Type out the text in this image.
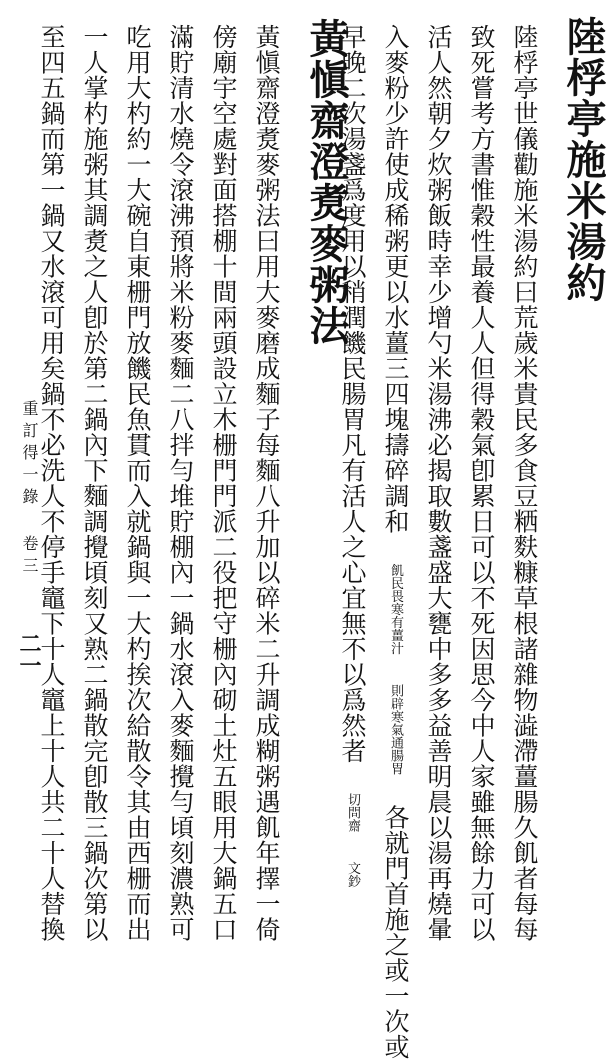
陸桴亭施米湯約
陸桴亭世儀勸施米湯約曰荒歲米貴民多食豆粞麩糠草根諸雜物澁滯薑腸久飢者每每
致死嘗考方書惟穀性最養人人但得穀氣卽累日可以不死因思今中人家雖無餘力可以
活人然朝夕炊粥飯時幸少增勺米湯沸必揭取數盞盛大甕中多多益善明晨以湯再燒暈
入麥粉少許使成稀粥更以水薑三四塊擣碎調和 飢民畏寒有薑汁 則辟寒氣通腸胃 各就門首施之或一次或
早晚二次湯盞爲度用以稍潤饑民腸胃凡有活人之心宜無不以爲然者 切問齋 文鈔
黃愼齋澄煑麥粥法
黃愼齋澄煑麥粥法曰用大麥磨成麵子每麵八升加以碎米二升調成糊粥遇飢年擇一倚
傍廟宇空處對面搭棚十間兩頭設立木栅門門派二役把守栅內砌土灶五眼用大鍋五口
滿貯清水燒令滾沸預將米粉麥麵二八拌勻堆貯棚內一鍋水滾入麥麵攪勻頃刻濃熟可
吃用大杓約一大碗自東栅門放饑民魚貫而入就鍋與一大杓挨次給散令其由西栅而出
一人掌杓施粥其調煑之人卽於第二鍋內下麵調攪頃刻又熟二鍋散完卽散三鍋次第以
至四五鍋而第一鍋又水滾可用矣鍋不必洗人不停手竈下十人竈上十人共二十人替換
重訂得一錄 卷三
二一
